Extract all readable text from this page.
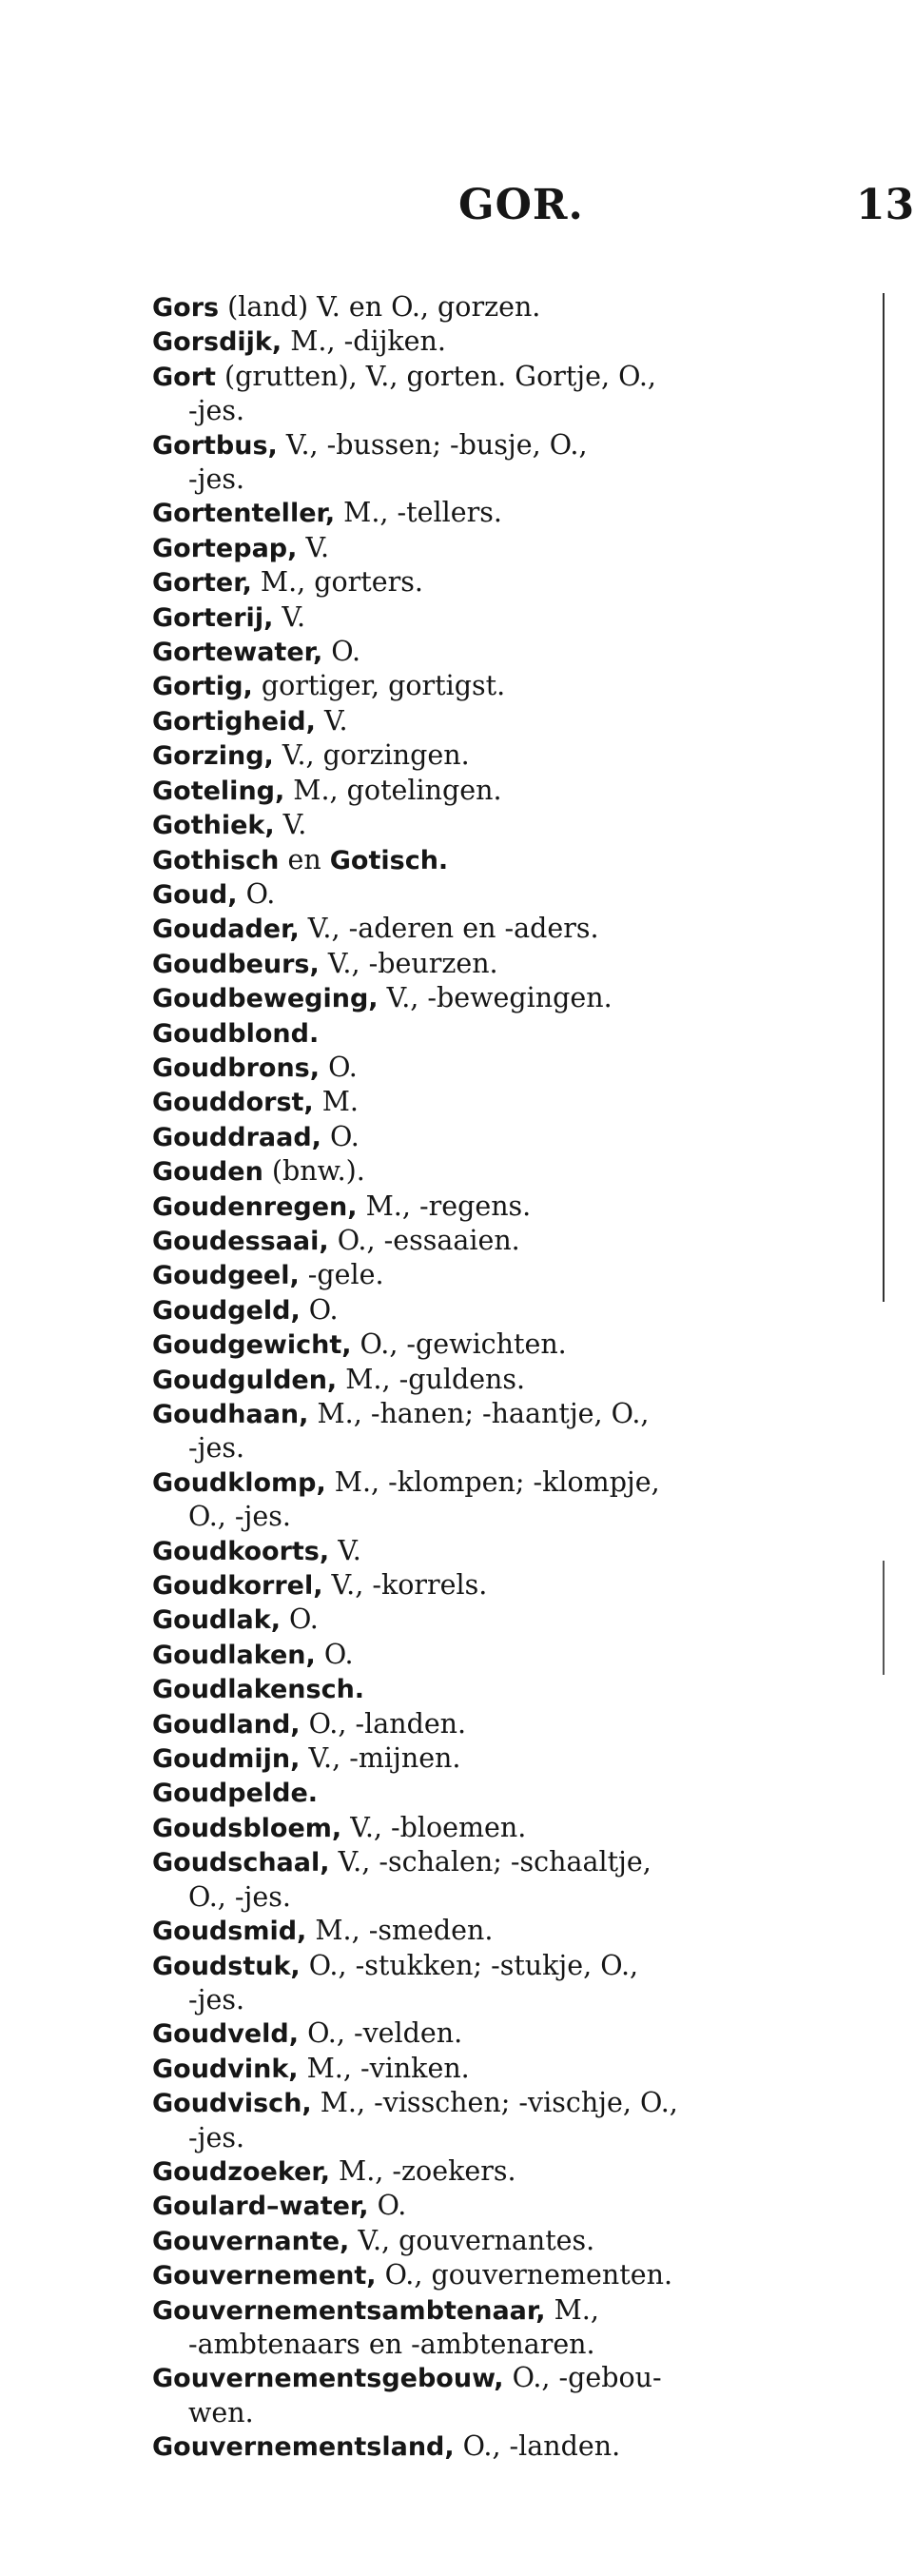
GOR.	13
Gors (land) V. en O., gorzen.
Gorsdijk, M., -dijken.
Gort (grutten), V., gorten. Gortje, O.,
-jes.
Gortbus, V., -bussen; -busje, O.,
-jes.
Gortenteller, M., -tellers.
Gortepap, V.
Gorter, M., gorters.
Gorterij, V.
Gortewater, O.
Gortig, gortiger, gortigst.
Gortigheid, V.
Gorzing, V., gorzingen.
Goteling, M., gotelingen.
Gothiek, V.
Gothisch en Gotisch.
Goud, O.
Goudader, V., -aderen en -aders.
Goudbeurs, V., -beurzen.
Goudbeweging, V., -bewegingen.
Goudblond.
Goudbrons, O.
Gouddorst, M.
Gouddraad, O.
Gouden (bnw.).
Goudenregen, M., -regens.
Goudessaai, O., -essaaien.
Goudgeel, -gele.
Goudgeld, O.
Goudgewicht, O., -gewichten.
Goudgulden, M., -guldens.
Goudhaan, M., -hanen; -haantje, O.,
-jes.
Goudklomp, M., -klompen; -klompje,
O., -jes.
Goudkoorts, V.
Goudkorrel, V., -korrels.
Goudlak, O.
Goudlaken, O.
Goudlakensch.
Goudland, O., -landen.
Goudmijn, V., -mijnen.
Goudpelde.
Goudsbloem, V., -bloemen.
Goudschaal, V., -schalen; -schaaltje,
O., -jes.
Goudsmid, M., -smeden.
Goudstuk, O., -stukken; -stukje, O.,
-jes.
Goudveld, O., -velden.
Goudvink, M., -vinken.
Goudvisch, M., -visschen; -vischje, O.,
-jes.
Goudzoeker, M., -zoekers.
Goulard–water, O.
Gouvernante, V., gouvernantes.
Gouvernement, O., gouvernementen.
Gouvernementsambtenaar, M.,
-ambtenaars en -ambtenaren.
Gouvernementsgebouw, O., -gebou-
wen.
Gouvernementsland, O., -landen.
